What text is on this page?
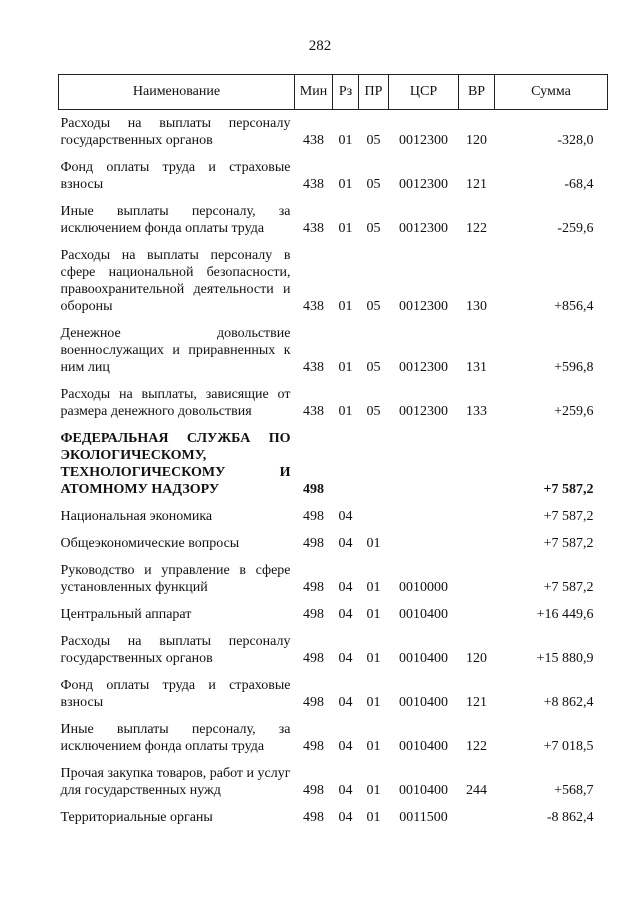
282
Наименование	Мин	Рз	ПР	ЦСР	ВР	Сумма
Расходы на выплаты персоналу государственных органов	438	01	05	0012300	120	-328,0
Фонд оплаты труда и страховые взносы	438	01	05	0012300	121	-68,4
Иные выплаты персоналу, за исключением фонда оплаты труда	438	01	05	0012300	122	-259,6
Расходы на выплаты персоналу в сфере национальной безопасности, правоохранительной деятельности и обороны	438	01	05	0012300	130	+856,4
Денежное довольствие военнослужащих и приравненных к ним лиц	438	01	05	0012300	131	+596,8
Расходы на выплаты, зависящие от размера денежного довольствия	438	01	05	0012300	133	+259,6
ФЕДЕРАЛЬНАЯ СЛУЖБА ПО ЭКОЛОГИЧЕСКОМУ, ТЕХНОЛОГИЧЕСКОМУ И АТОМНОМУ НАДЗОРУ	498					+7 587,2
Национальная экономика	498	04				+7 587,2
Общеэкономические вопросы	498	04	01			+7 587,2
Руководство и управление в сфере установленных функций	498	04	01	0010000		+7 587,2
Центральный аппарат	498	04	01	0010400		+16 449,6
Расходы на выплаты персоналу государственных органов	498	04	01	0010400	120	+15 880,9
Фонд оплаты труда и страховые взносы	498	04	01	0010400	121	+8 862,4
Иные выплаты персоналу, за исключением фонда оплаты труда	498	04	01	0010400	122	+7 018,5
Прочая закупка товаров, работ и услуг для государственных нужд	498	04	01	0010400	244	+568,7
Территориальные органы	498	04	01	0011500		-8 862,4
